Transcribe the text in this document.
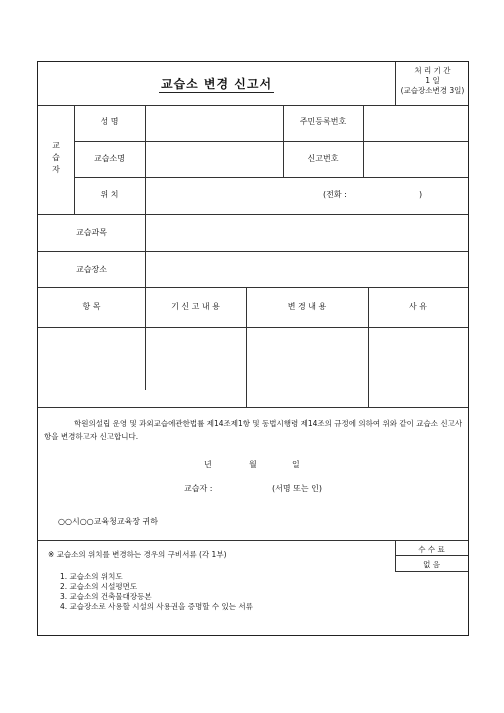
교습소 변경 신고서
처 리 기 간
1 일
(교습장소변경 3일)
교
습
자
성 명	주민등록번호
교습소명	신고번호
위 치	(전화 :	)
교습과목
교습장소
항 목	기 신 고 내 용	변 경 내 용	사 유
학원의설립 운영 및 과외교습에관한법률 제14조제1항 및 동법시행령 제14조의 규정에 의하여 위와 같이 교습소 신고사항을 변경하고자 신고합니다.
년	월	일
교습자 :	(서명 또는 인)
○○시○○교육청교육장 귀하
수 수 료
없 음
※ 교습소의 위치를 변경하는 경우의 구비서류 (각 1부)
1. 교습소의 위치도
2. 교습소의 시설평면도
3. 교습소의 건축물대장등본
4. 교습장소로 사용할 시설의 사용권을 증명할 수 있는 서류
